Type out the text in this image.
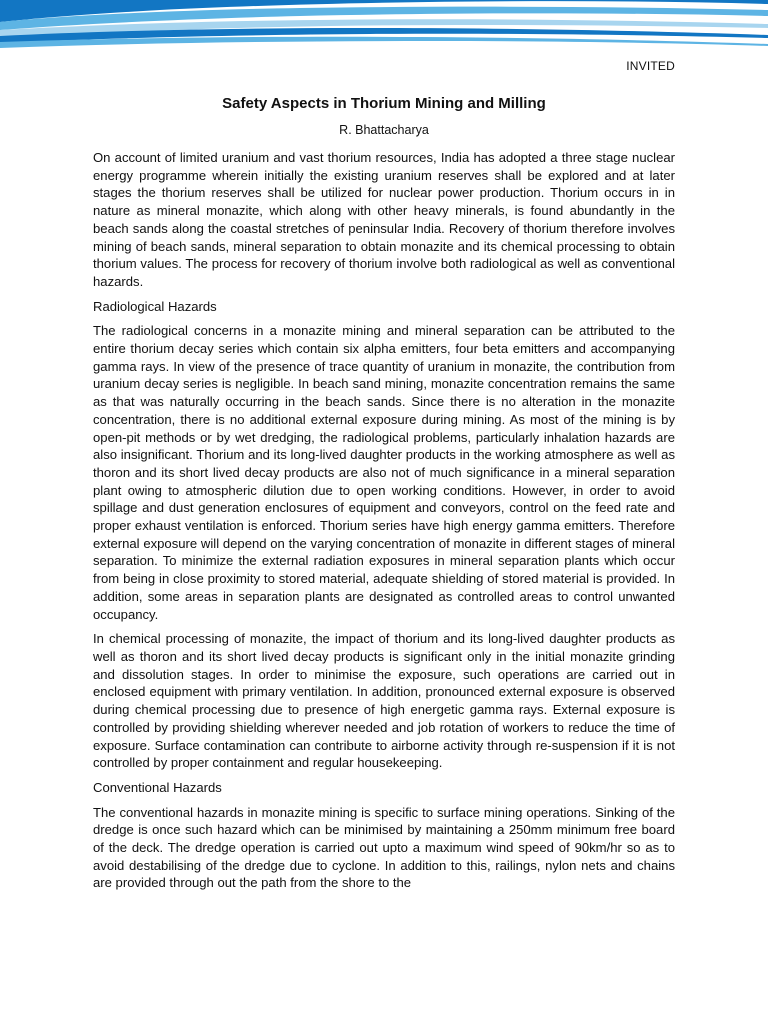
INVITED
Safety Aspects in Thorium Mining and Milling
R. Bhattacharya

On account of limited uranium and vast thorium resources, India has adopted a three stage nuclear energy programme wherein initially the existing uranium reserves shall be explored and at later stages the thorium reserves shall be utilized for nuclear power production. Thorium occurs in in nature as mineral monazite, which along with other heavy minerals, is found abundantly in the beach sands along the coastal stretches of peninsular India. Recovery of thorium therefore involves mining of beach sands, mineral separation to obtain monazite and its chemical processing to obtain thorium values. The process for recovery of thorium involve both radiological as well as conventional hazards.

Radiological Hazards

The radiological concerns in a monazite mining and mineral separation can be attributed to the entire thorium decay series which contain six alpha emitters, four beta emitters and accompanying gamma rays. In view of the presence of trace quantity of uranium in monazite, the contribution from uranium decay series is negligible. In beach sand mining, monazite concentration remains the same as that was naturally occurring in the beach sands. Since there is no alteration in the monazite concentration, there is no additional external exposure during mining. As most of the mining is by open-pit methods or by wet dredging, the radiological problems, particularly inhalation hazards are also insignificant. Thorium and its long-lived daughter products in the working atmosphere as well as thoron and its short lived decay products are also not of much significance in a mineral separation plant owing to atmospheric dilution due to open working conditions. However, in order to avoid spillage and dust generation enclosures of equipment and conveyors, control on the feed rate and proper exhaust ventilation is enforced. Thorium series have high energy gamma emitters. Therefore external exposure will depend on the varying concentration of monazite in different stages of mineral separation. To minimize the external radiation exposures in mineral separation plants which occur from being in close proximity to stored material, adequate shielding of stored material is provided. In addition, some areas in separation plants are designated as controlled areas to control unwanted occupancy.

In chemical processing of monazite, the impact of thorium and its long-lived daughter products as well as thoron and its short lived decay products is significant only in the initial monazite grinding and dissolution stages. In order to minimise the exposure, such operations are carried out in enclosed equipment with primary ventilation. In addition, pronounced external exposure is observed during chemical processing due to presence of high energetic gamma rays. External exposure is controlled by providing shielding wherever needed and job rotation of workers to reduce the time of exposure. Surface contamination can contribute to airborne activity through re-suspension if it is not controlled by proper containment and regular housekeeping.

Conventional Hazards

The conventional hazards in monazite mining is specific to surface mining operations. Sinking of the dredge is once such hazard which can be minimised by maintaining a 250mm minimum free board of the deck. The dredge operation is carried out upto a maximum wind speed of 90km/hr so as to avoid destabilising of the dredge due to cyclone. In addition to this, railings, nylon nets and chains are provided through out the path from the shore to the
